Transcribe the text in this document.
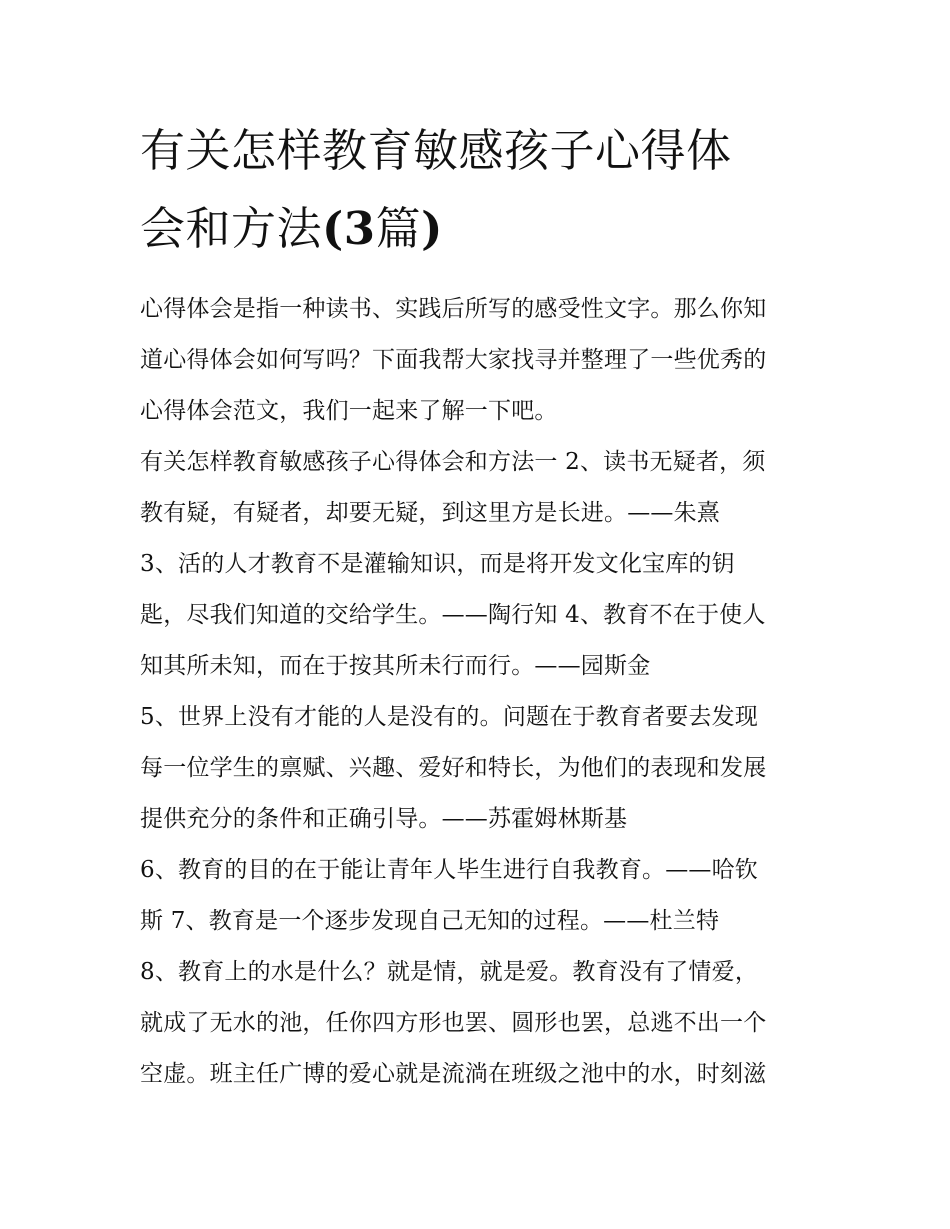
有关怎样教育敏感孩子心得体
会和方法(3篇)
心得体会是指一种读书、实践后所写的感受性文字。那么你知
道心得体会如何写吗？下面我帮大家找寻并整理了一些优秀的
心得体会范文，我们一起来了解一下吧。
有关怎样教育敏感孩子心得体会和方法一 2、读书无疑者，须
教有疑，有疑者，却要无疑，到这里方是长进。——朱熹
3、活的人才教育不是灌输知识，而是将开发文化宝库的钥
匙，尽我们知道的交给学生。——陶行知 4、教育不在于使人
知其所未知，而在于按其所未行而行。——园斯金
5、世界上没有才能的人是没有的。问题在于教育者要去发现
每一位学生的禀赋、兴趣、爱好和特长，为他们的表现和发展
提供充分的条件和正确引导。——苏霍姆林斯基
6、教育的目的在于能让青年人毕生进行自我教育。——哈钦
斯 7、教育是一个逐步发现自己无知的过程。——杜兰特
8、教育上的水是什么？就是情，就是爱。教育没有了情爱，
就成了无水的池，任你四方形也罢、圆形也罢，总逃不出一个
空虚。班主任广博的爱心就是流淌在班级之池中的水，时刻滋
